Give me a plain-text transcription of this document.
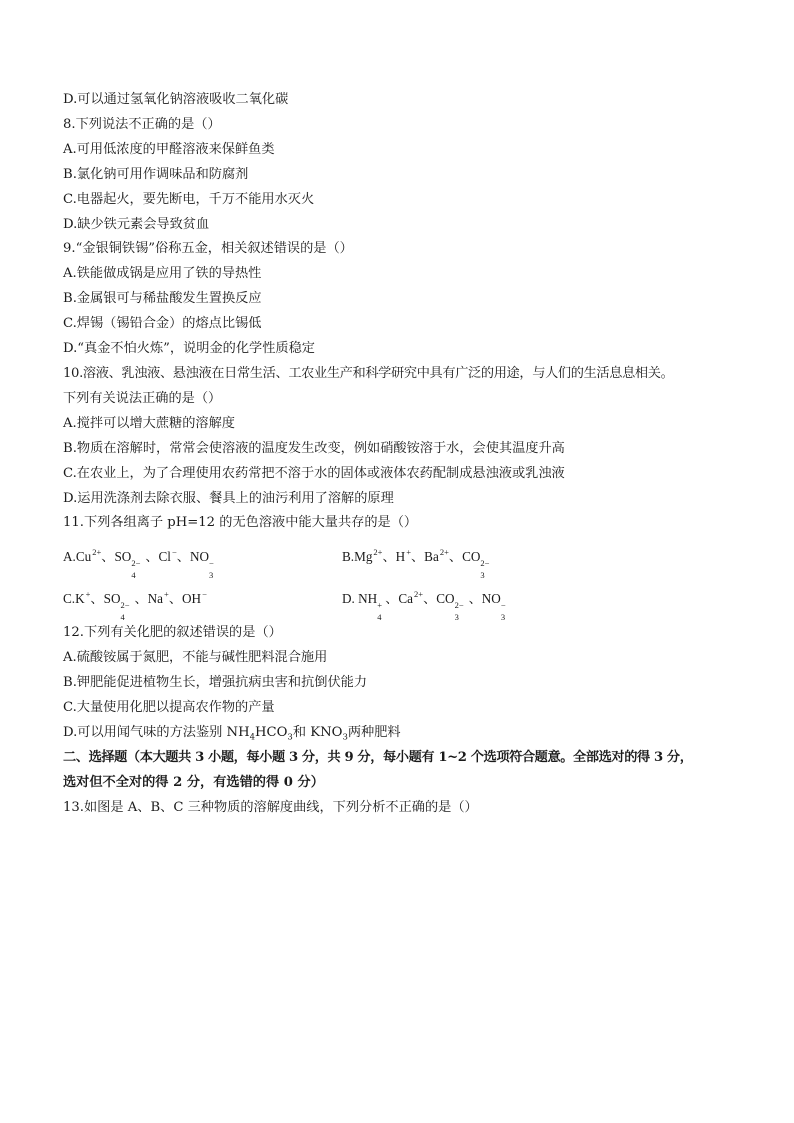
D.可以通过氢氧化钠溶液吸收二氧化碳
8.下列说法不正确的是（）
A.可用低浓度的甲醛溶液来保鲜鱼类
B.氯化钠可用作调味品和防腐剂
C.电器起火，要先断电，千万不能用水灭火
D.缺少铁元素会导致贫血
9.“金银铜铁锡”俗称五金，相关叙述错误的是（）
A.铁能做成锅是应用了铁的导热性
B.金属银可与稀盐酸发生置换反应
C.焊锡（锡铅合金）的熔点比锡低
D.“真金不怕火炼”，说明金的化学性质稳定
10.溶液、乳浊液、悬浊液在日常生活、工农业生产和科学研究中具有广泛的用途，与人们的生活息息相关。
下列有关说法正确的是（）
A.搅拌可以增大蔗糖的溶解度
B.物质在溶解时，常常会使溶液的温度发生改变，例如硝酸铵溶于水，会使其温度升高
C.在农业上，为了合理使用农药常把不溶于水的固体或液体农药配制成悬浊液或乳浊液
D.运用洗涤剂去除衣服、餐具上的油污利用了溶解的原理
11.下列各组离子 pH=12 的无色溶液中能大量共存的是（）
$A.Cu^{2+}$、SO 2−
4
、Cl−、NO −
3
$B.Mg^{2+}$、H+、$Ba^{2+}$、CO 2−
3
C.K+、SO 2−
4
、Na+、OH−	D. NH +
4
、$Ca^{2+}$、CO 2−
3
、NO −
3
12.下列有关化肥的叙述错误的是（）
A.硫酸铵属于氮肥，不能与碱性肥料混合施用
B.钾肥能促进植物生长，增强抗病虫害和抗倒伏能力
C.大量使用化肥以提高农作物的产量
D.可以用闻气味的方法鉴别 $NH_4HCO_3$和 $KNO_3$两种肥料
二、选择题（本大题共 3 小题，每小题 3 分，共 9 分，每小题有 1~2 个选项符合题意。全部选对的得 3 分，
选对但不全对的得 2 分，有选错的得 0 分）
13.如图是 A、B、C 三种物质的溶解度曲线，下列分析不正确的是（）
